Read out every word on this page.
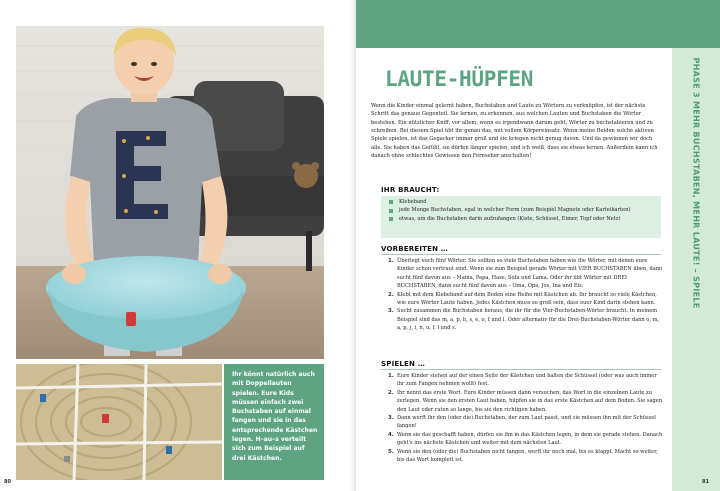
Ihr könnt natürlich auch mit Doppellauten spielen. Eure Kids müssen einfach zwei Buchstaben auf einmal fangen und sie in das entsprechende Kästchen legen. H–au–s verteilt sich zum Beispiel auf drei Kästchen.
80
PHASE 3 MEHR BUCHSTABEN, MEHR LAUTE! – SPIELE
LAUTE-HÜPFEN
Wenn die Kinder einmal gelernt haben, Buchstaben und Laute zu Wörtern zu verknüpfen, ist der nächste Schritt das genaue Gegenteil. Sie lernen, zu erkennen, aus welchen Lauten und Buchstaben die Wörter bestehen. Ein nützlicher Kniff, vor allem, wenn es irgendwann darum geht, Wörter zu buchstabieren und zu schreiben. Bei diesem Spiel übt ihr genau das, mit vollem Körpereinsatz. Wenn meine Beiden solche aktiven Spiele spielen, ist das Gegacker immer groß und sie kriegen nicht genug davon. Und da gewinnen wir doch alle. Sie haben das Gefühl, sie dürfen länger spielen, und ich weiß, dass sie etwas lernen. Außerdem kann ich danach ohne schlechtes Gewissen den Fernseher anschalten!
IHR BRAUCHT:
Klebeband
jede Menge Buchstaben, egal in welcher Form (zum Beispiel Magnete oder Karteikarten)
etwas, um die Buchstaben darin aufzufangen (Kiste, Schüssel, Eimer, Topf oder Netz)
VORBEREITEN …
1. Überlegt euch fünf Wörter. Sie sollten so viele Buchstaben haben wie die Wörter, mit denen eure Kinder schon vertraut sind. Wenn sie zum Beispiel gerade Wörter mit VIER BUCHSTABEN üben, dann sucht fünf davon aus – Mama, Papa, Hase, Sofa und Lama. Oder ihr übt Wörter mit DREI BUCHSTABEN, dann sucht fünf davon aus – Oma, Opa, Jos, Ina und Eis.
2. Klebt mit dem Klebeband auf dem Boden eine Reihe mit Kästchen ab. Ihr braucht so viele Kästchen, wie eure Wörter Laute haben. Jedes Kästchen muss so groß sein, dass euer Kind darin stehen kann.
3. Sucht zusammen die Buchstaben heraus, die ihr für die Vier-Buchstaben-Wörter braucht. In meinem Beispiel sind das m, a, p, h, s, e, o, f und l. Oder alternativ für die Drei-Buchstaben-Wörter dann o, m, a, p, j, i, n, u, f, l und s.
SPIELEN …
1. Eure Kinder stehen auf der einen Seite der Kästchen und halten die Schüssel (oder was auch immer ihr zum Fangen nehmen wollt) fest.
2. Ihr nennt das erste Wort. Eure Kinder müssen dann versuchen, das Wort in die einzelnen Laute zu zerlegen. Wenn sie den ersten Laut haben, hüpfen sie in das erste Kästchen auf dem Boden. Sie sagen den Laut oder raten so lange, bis sie den richtigen haben.
3. Dann werft ihr den (oder die) Buchstaben, der zum Laut passt, und sie müssen ihn mit der Schüssel fangen!
4. Wenn sie das geschafft haben, dürfen sie ihn in das Kästchen legen, in dem sie gerade stehen. Danach geht's ins nächste Kästchen und weiter mit dem nächsten Laut.
5. Wenn sie den (oder die) Buchstaben nicht fangen, werft ihr noch mal, bis es klappt. Macht so weiter, bis das Wort komplett ist.
81
